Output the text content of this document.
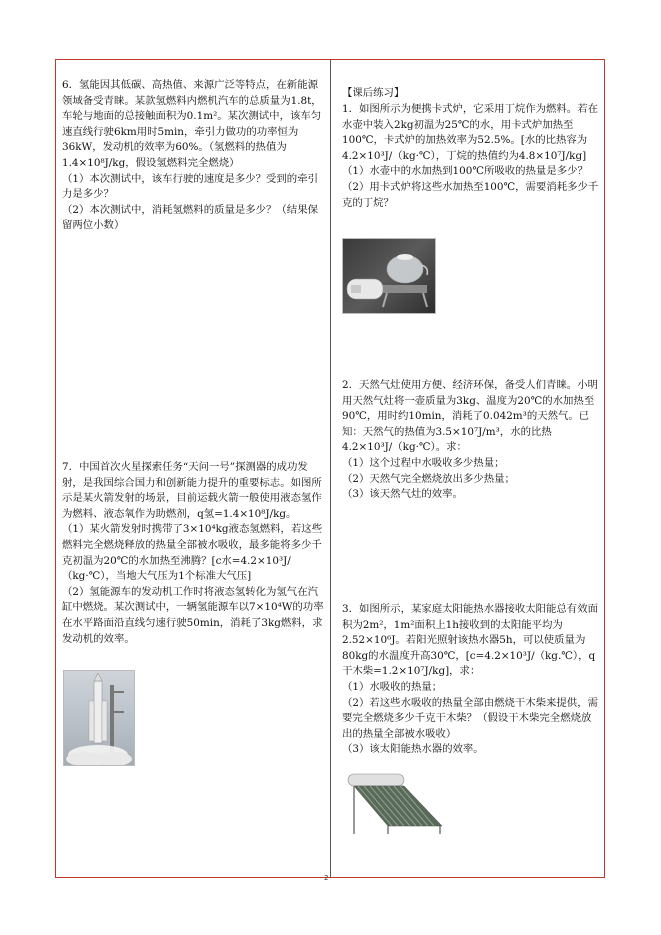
6．氢能因其低碳、高热值、来源广泛等特点，在新能源领域备受青睐。某款氢燃料内燃机汽车的总质量为1.8t，车轮与地面的总接触面积为0.1m²。某次测试中，该车匀速直线行驶6km用时5min，牵引力做功的功率恒为36kW，发动机的效率为60%。（氢燃料的热值为1.4×10⁸J/kg，假设氢燃料完全燃烧）
（1）本次测试中，该车行驶的速度是多少？受到的牵引力是多少？
（2）本次测试中，消耗氢燃料的质量是多少？（结果保留两位小数）
7．中国首次火星探索任务“天问一号”探测器的成功发射，是我国综合国力和创新能力提升的重要标志。如图所示是某火箭发射的场景，目前运载火箭一般使用液态氢作为燃料、液态氧作为助燃剂，q氢=1.4×10⁸J/kg。
（1）某火箭发射时携带了3×10⁴kg液态氢燃料，若这些燃料完全燃烧释放的热量全部被水吸收，最多能将多少千克初温为20℃的水加热至沸腾？[c水=4.2×10³J/（kg·℃），当地大气压为1个标准大气压]
（2）氢能源车的发动机工作时将液态氢转化为氢气在汽缸中燃烧。某次测试中，一辆氢能源车以7×10⁴W的功率在水平路面沿直线匀速行驶50min，消耗了3kg燃料，求发动机的效率。
【课后练习】
1．如图所示为便携卡式炉，它采用丁烷作为燃料。若在水壶中装入2kg初温为25℃的水，用卡式炉加热至100℃，卡式炉的加热效率为52.5%。[水的比热容为4.2×10³J/（kg·℃），丁烷的热值约为4.8×10⁷J/kg]
（1）水壶中的水加热到100℃所吸收的热量是多少？
（2）用卡式炉将这些水加热至100℃，需要消耗多少千克的丁烷？
2．天然气灶使用方便、经济环保，备受人们青睐。小明用天然气灶将一壶质量为3kg、温度为20℃的水加热至90℃，用时约10min，消耗了0.042m³的天然气。已知：天然气的热值为3.5×10⁷J/m³，水的比热4.2×10³J/（kg·℃）。求：
（1）这个过程中水吸收多少热量；
（2）天然气完全燃烧放出多少热量；
（3）该天然气灶的效率。
3．如图所示，某家庭太阳能热水器接收太阳能总有效面积为2m²，1m²面积上1h接收到的太阳能平均为2.52×10⁶J。若阳光照射该热水器5h，可以使质量为80kg的水温度升高30℃，[c=4.2×10³J/（kg.℃），q干木柴=1.2×10⁷J/kg]，求：
（1）水吸收的热量；
（2）若这些水吸收的热量全部由燃烧干木柴来提供，需要完全燃烧多少千克干木柴？（假设干木柴完全燃烧放出的热量全部被水吸收）
（3）该太阳能热水器的效率。
2
